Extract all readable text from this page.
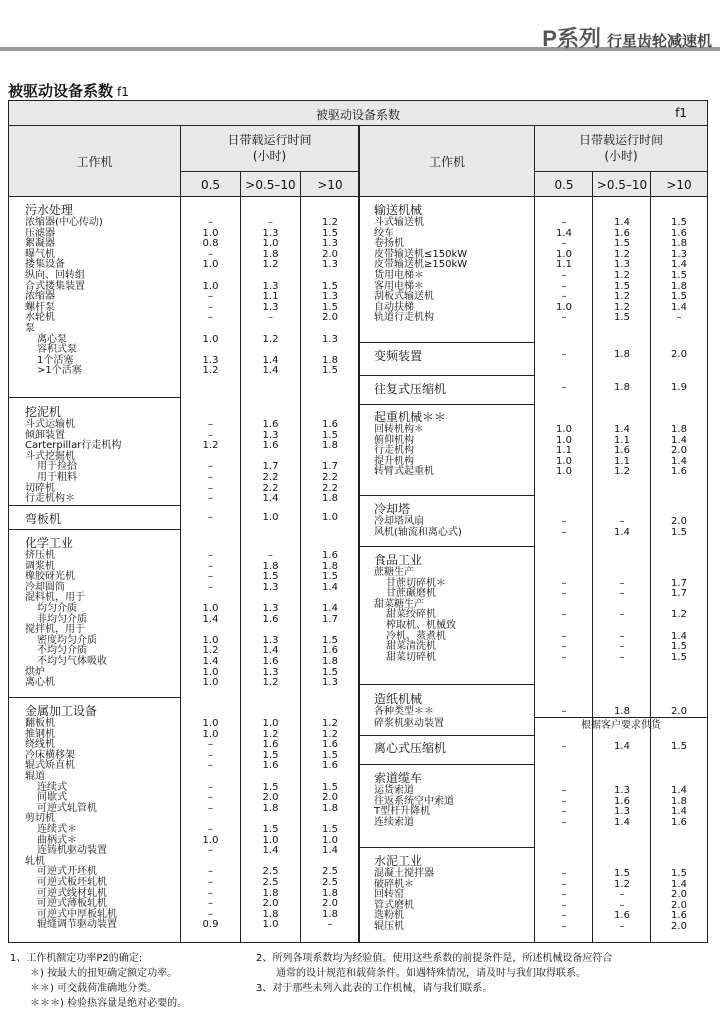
P系列 行星齿轮减速机
被驱动设备系数 f1
被驱动设备系数	f1
工作机
日带载运行时间
(小时)
0.5	>0.5–10	>10
工作机
日带载运行时间
(小时)
0.5	>0.5–10	>10
污水处理
浓缩器(中心传动)	–	–	1.2
压滤器	1.0	1.3	1.5
絮凝器	0.8	1.0	1.3
曝气机	–	1.8	2.0
搂集设备	1.0	1.2	1.3
纵向、回转组
合式搂集装置	1.0	1.3	1.5
浓缩器	–	1.1	1.3
螺杆泵	–	1.3	1.5
水轮机	–	–	2.0
泵
离心泵	1.0	1.2	1.3
容积式泵
1个活塞	1.3	1.4	1.8
>1个活塞	1.2	1.4	1.5
挖泥机
斗式运输机	–	1.6	1.6
倾卸装置	–	1.3	1.5
Carterpillar行走机构	1.2	1.6	1.8
斗式挖掘机
用于捡拾	–	1.7	1.7
用于粗料	–	2.2	2.2
切碎机	–	2.2	2.2
行走机构＊	–	1.4	1.8
弯板机	–	1.0	1.0
化学工业
挤压机	–	–	1.6
调浆机	–	1.8	1.8
橡胶砑光机	–	1.5	1.5
冷却圆筒	–	1.3	1.4
混料机，用于
均匀介质	1.0	1.3	1.4
非均匀介质	1.4	1.6	1.7
搅拌机，用于
密度均匀介质	1.0	1.3	1.5
不均匀介质	1.2	1.4	1.6
不均匀气体吸收	1.4	1.6	1.8
烘炉	1.0	1.3	1.5
离心机	1.0	1.2	1.3
金属加工设备
翻板机	1.0	1.0	1.2
推钢机	1.0	1.2	1.2
绕线机	–	1.6	1.6
冷床横移架	–	1.5	1.5
辊式矫直机	–	1.6	1.6
辊道
连续式	–	1.5	1.5
间歇式	–	2.0	2.0
可逆式轧管机	–	1.8	1.8
剪切机
连续式＊	–	1.5	1.5
曲柄式＊	1.0	1.0	1.0
连铸机驱动装置	–	1.4	1.4
轧机
可逆式开坯机	–	2.5	2.5
可逆式板坯轧机	–	2.5	2.5
可逆式线材轧机	–	1.8	1.8
可逆式薄板轧机	–	2.0	2.0
可逆式中厚板轧机	–	1.8	1.8
辊缝调节驱动装置	0.9	1.0	–
输送机械
斗式输送机	–	1.4	1.5
绞车	1.4	1.6	1.6
卷扬机	–	1.5	1.8
皮带输送机≤150kW	1.0	1.2	1.3
皮带输送机≥150kW	1.1	1.3	1.4
货用电梯＊	–	1.2	1.5
客用电梯＊	–	1.5	1.8
刮板式输送机	–	1.2	1.5
自动扶梯	1.0	1.2	1.4
轨道行走机构	–	1.5	–
变频装置	–	1.8	2.0
往复式压缩机	–	1.8	1.9
起重机械＊＊
回转机构＊	1.0	1.4	1.8
俯仰机构	1.0	1.1	1.4
行走机构	1.1	1.6	2.0
提升机构	1.0	1.1	1.4
转臂式起重机	1.0	1.2	1.6
冷却塔
冷却塔风扇	–	–	2.0
风机(轴流和离心式)	–	1.4	1.5
食品工业
蔗糖生产
甘蔗切碎机＊	–	–	1.7
甘蔗碾磨机	–	–	1.7
甜菜糖生产
甜菜绞碎机	–	–	1.2
榨取机、机械致
冷机、蒸煮机	–	–	1.4
甜菜清洗机	–	–	1.5
甜菜切碎机	–	–	1.5
造纸机械
各种类型＊＊	–	1.8	2.0
碎浆机驱动装置	根据客户要求供货
离心式压缩机	–	1.4	1.5
索道缆车
运货索道	–	1.3	1.4
往返系统空中索道	–	1.6	1.8
T型杆升降机	–	1.3	1.4
连续索道	–	1.4	1.6
水泥工业
混凝土搅拌器	–	1.5	1.5
破碎机＊	–	1.2	1.4
回转窑	–	–	2.0
管式磨机	–	–	2.0
选粉机	–	1.6	1.6
辊压机	–	–	2.0
1、工作机额定功率P2的确定:
＊) 按最大的扭矩确定额定功率。
＊＊) 可交载荷准确地分类。
＊＊＊) 检验热容量是绝对必要的。
2、所列各项系数均为经验值。使用这些系数的前提条件是，所述机械设备应符合
通常的设计规范和载荷条件。如遇特殊情况，请及时与我们取得联系。
3、对于那些未列入此表的工作机械，请与我们联系。
